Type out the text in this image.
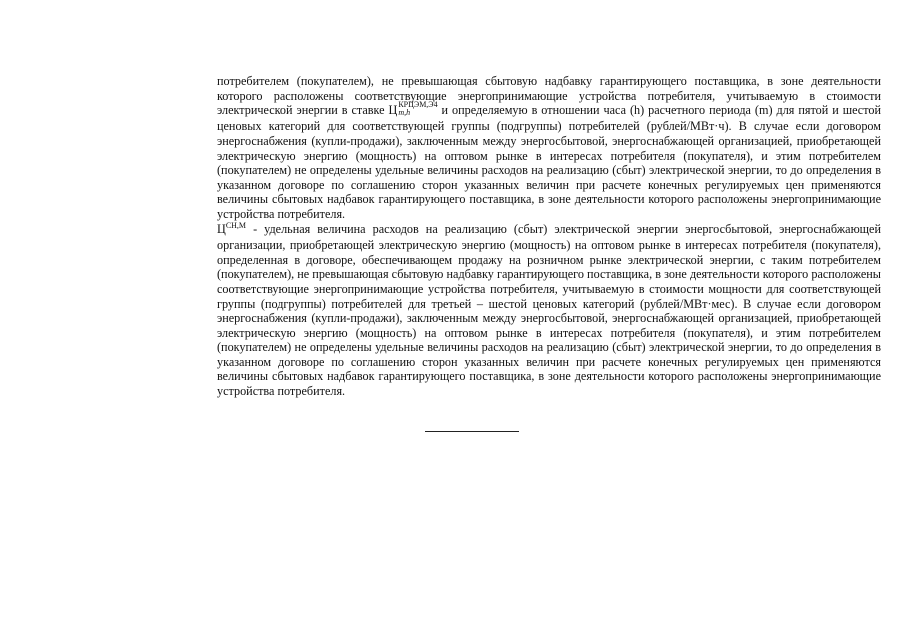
потребителем (покупателем), не превышающая сбытовую надбавку гарантирующего поставщика, в зоне деятельности которого расположены соответствующие энергопринимающие устройства потребителя, учитываемую в стоимости электрической энергии в ставке Ц КРЦЭМ,Э4
m,h	и определяемую в отношении часа (h) расчетного периода (m) для пятой и шестой ценовых категорий для соответствующей группы (подгруппы) потребителей (рублей/МВт·ч). В случае если договором энергоснабжения (купли-продажи), заключенным между энергосбытовой, энергоснабжающей организацией, приобретающей электрическую энергию (мощность) на оптовом рынке в интересах потребителя (покупателя), и этим потребителем (покупателем) не определены удельные величины расходов на реализацию (сбыт) электрической энергии, то до определения в указанном договоре по соглашению сторон указанных величин при расчете конечных регулируемых цен применяются величины сбытовых надбавок гарантирующего поставщика, в зоне деятельности которого расположены энергопринимающие устройства потребителя.

$Ц^{СН,М}$ - удельная величина расходов на реализацию (сбыт) электрической энергии энергосбытовой, энергоснабжающей организации, приобретающей электрическую энергию (мощность) на оптовом рынке в интересах потребителя (покупателя), определенная в договоре, обеспечивающем продажу на розничном рынке электрической энергии, с таким потребителем (покупателем), не превышающая сбытовую надбавку гарантирующего поставщика, в зоне деятельности которого расположены соответствующие энергопринимающие устройства потребителя, учитываемую в стоимости мощности для соответствующей группы (подгруппы) потребителей для третьей – шестой ценовых категорий (рублей/МВт·мес). В случае если договором энергоснабжения (купли-продажи), заключенным между энергосбытовой, энергоснабжающей организацией, приобретающей электрическую энергию (мощность) на оптовом рынке в интересах потребителя (покупателя), и этим потребителем (покупателем) не определены удельные величины расходов на реализацию (сбыт) электрической энергии, то до определения в указанном договоре по соглашению сторон указанных величин при расчете конечных регулируемых цен применяются величины сбытовых надбавок гарантирующего поставщика, в зоне деятельности которого расположены энергопринимающие устройства потребителя.
